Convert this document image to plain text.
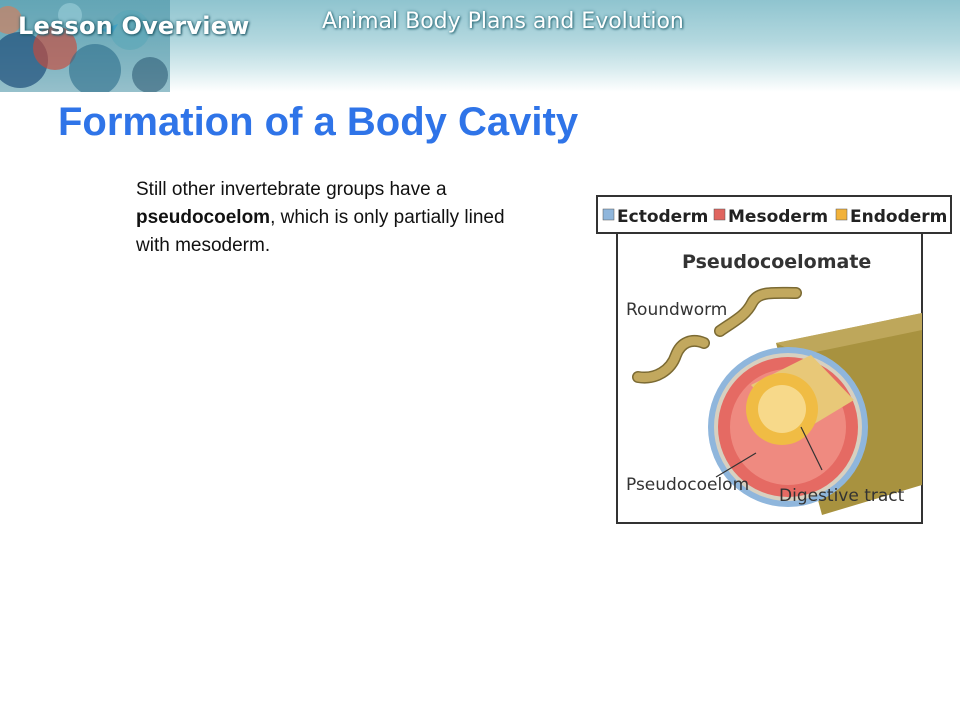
Lesson Overview	Animal Body Plans and Evolution
Formation of a Body Cavity
Still other invertebrate groups have a pseudocoelom, which is only partially lined with mesoderm.
Ectoderm Mesoderm Endoderm
Pseudocoelomate
Roundworm
Pseudocoelom
Digestive tract
